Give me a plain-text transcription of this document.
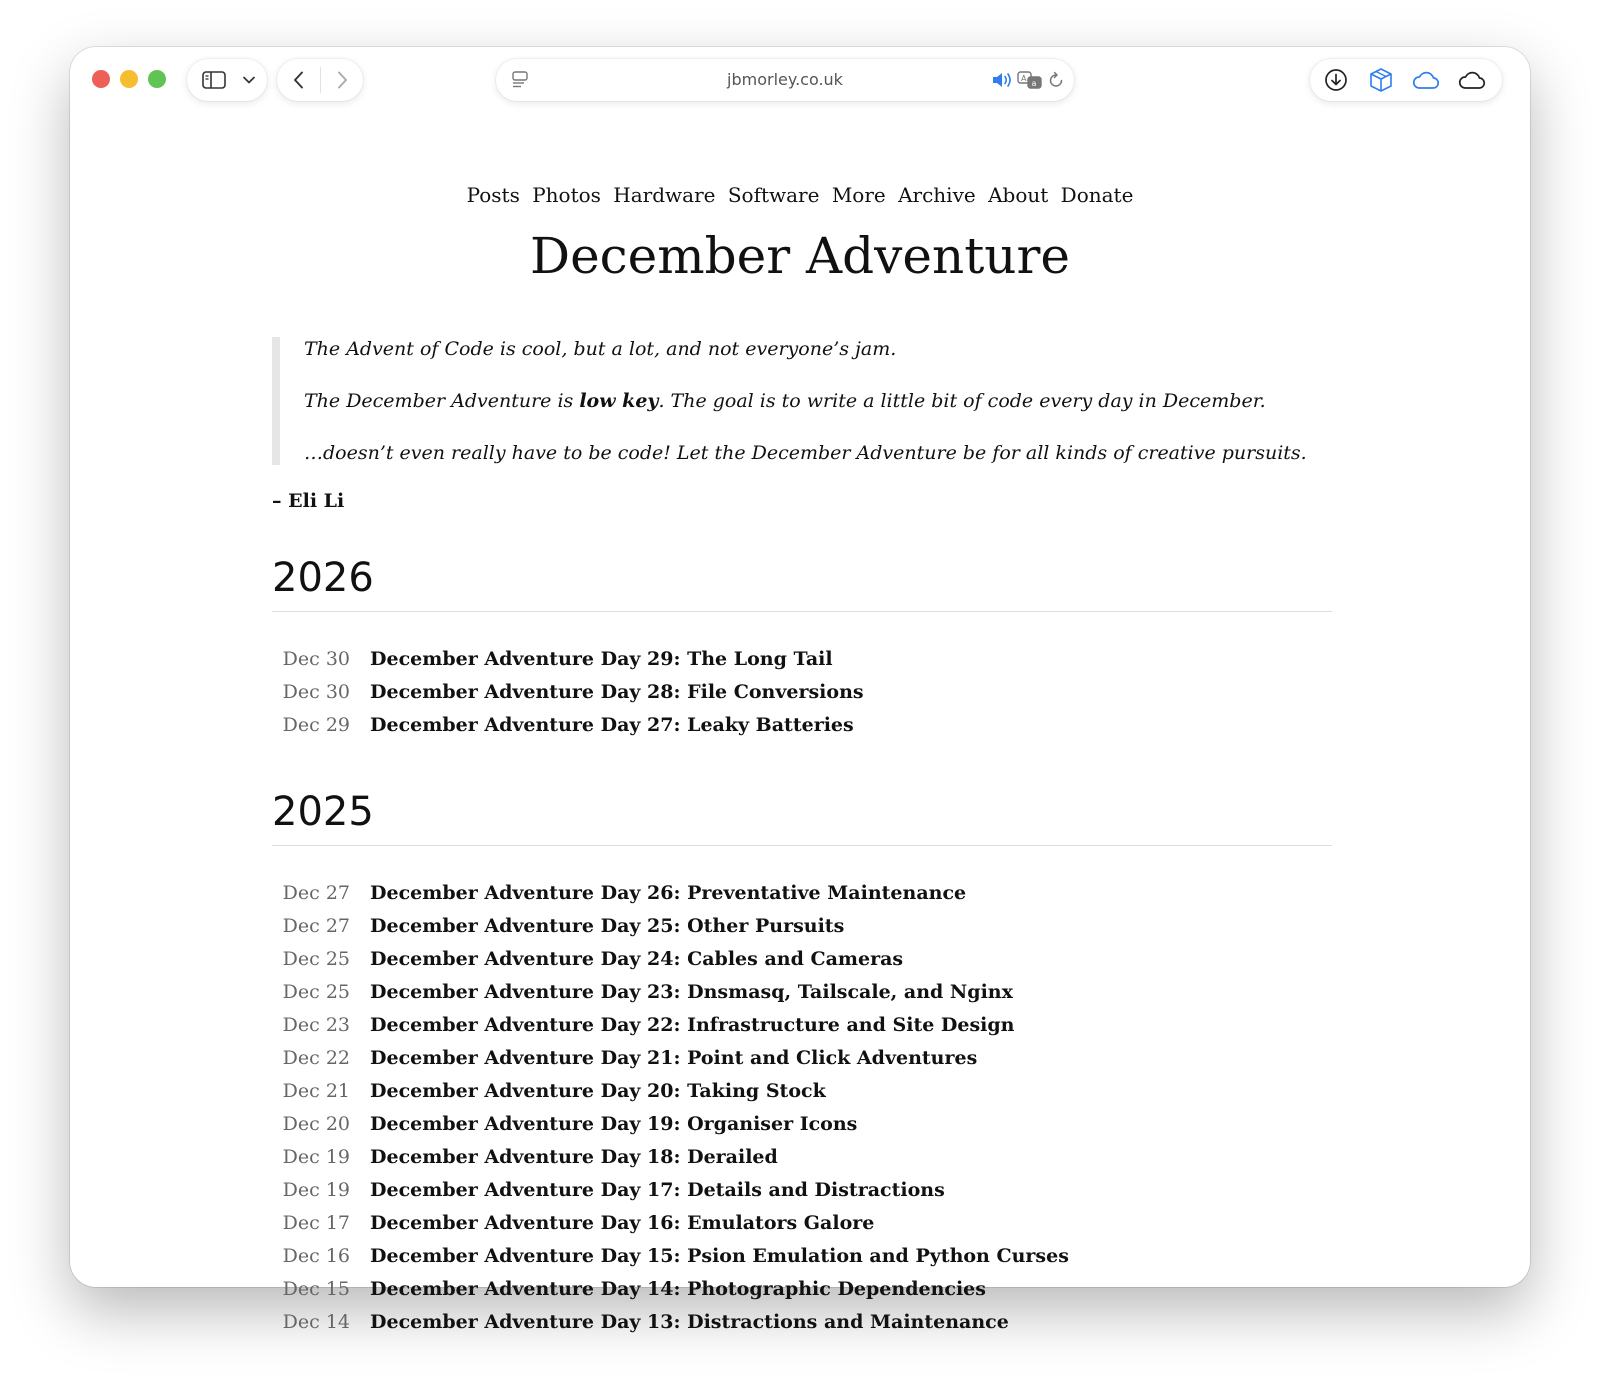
jbmorley.co.uk	A
a
Posts Photos Hardware Software More Archive About Donate
December Adventure

The Advent of Code is cool, but a lot, and not everyone’s jam.

The December Adventure is low key. The goal is to write a little bit of code every day in December.

…doesn’t even really have to be code! Let the December Adventure be for all kinds of creative pursuits.

– Eli Li

2026
Dec 30 December Adventure Day 29: The Long Tail
Dec 30 December Adventure Day 28: File Conversions
Dec 29 December Adventure Day 27: Leaky Batteries
2025
Dec 27 December Adventure Day 26: Preventative Maintenance
Dec 27 December Adventure Day 25: Other Pursuits
Dec 25 December Adventure Day 24: Cables and Cameras
Dec 25 December Adventure Day 23: Dnsmasq, Tailscale, and Nginx
Dec 23 December Adventure Day 22: Infrastructure and Site Design
Dec 22 December Adventure Day 21: Point and Click Adventures
Dec 21 December Adventure Day 20: Taking Stock
Dec 20 December Adventure Day 19: Organiser Icons
Dec 19 December Adventure Day 18: Derailed
Dec 19 December Adventure Day 17: Details and Distractions
Dec 17 December Adventure Day 16: Emulators Galore
Dec 16 December Adventure Day 15: Psion Emulation and Python Curses
Dec 15 December Adventure Day 14: Photographic Dependencies
Dec 14 December Adventure Day 13: Distractions and Maintenance
